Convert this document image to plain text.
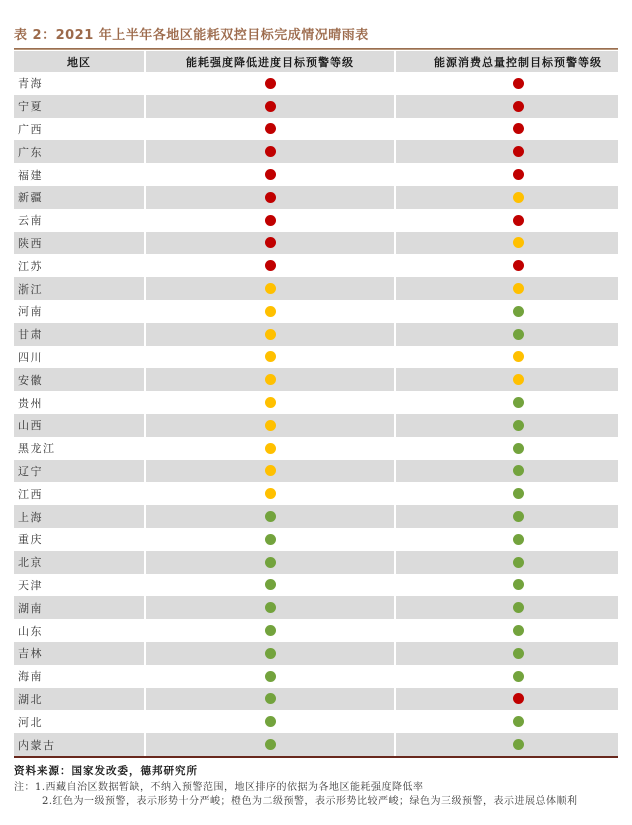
表 2：2021 年上半年各地区能耗双控目标完成情况晴雨表
地区	能耗强度降低进度目标预警等级	能源消费总量控制目标预警等级
青海
宁夏
广西
广东
福建
新疆
云南
陕西
江苏
浙江
河南
甘肃
四川
安徽
贵州
山西
黑龙江
辽宁
江西
上海
重庆
北京
天津
湖南
山东
吉林
海南
湖北
河北
内蒙古
资料来源：国家发改委，德邦研究所
注：1.西藏自治区数据暂缺，不纳入预警范围，地区排序的依据为各地区能耗强度降低率
2.红色为一级预警，表示形势十分严峻；橙色为二级预警，表示形势比较严峻；绿色为三级预警，表示进展总体顺利
